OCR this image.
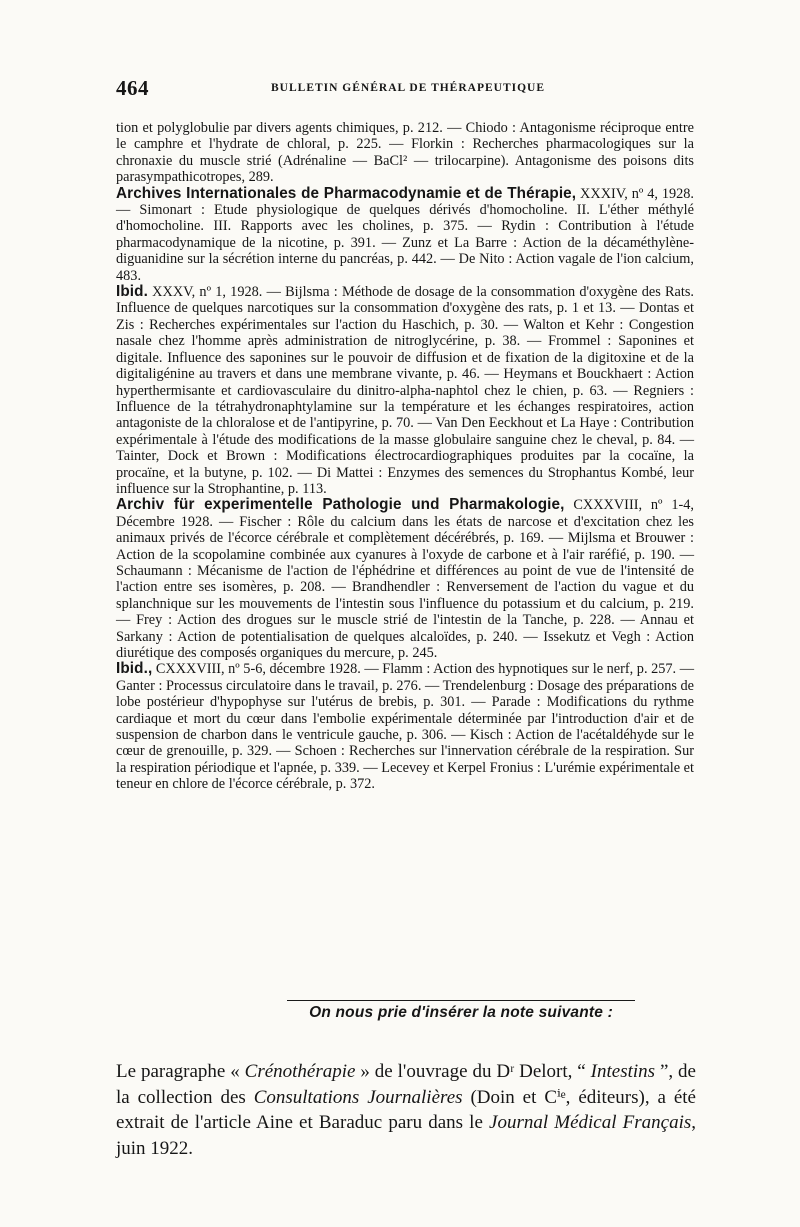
464	BULLETIN GÉNÉRAL DE THÉRAPEUTIQUE

tion et polyglobulie par divers agents chimiques, p. 212. — Chiodo : Antagonisme réciproque entre le camphre et l'hydrate de chloral, p. 225. — Florkin : Recherches pharmacologiques sur la chronaxie du muscle strié (Adrénaline — BaCl² — trilocarpine). Antagonisme des poisons dits parasympathicotropes, 289.

Archives Internationales de Pharmacodynamie et de Thérapie, XXXIV, nº 4, 1928. — Simonart : Etude physiologique de quelques dérivés d'homocholine. II. L'éther méthylé d'homocholine. III. Rapports avec les cholines, p. 375. — Rydin : Contribution à l'étude pharmacodynamique de la nicotine, p. 391. — Zunz et La Barre : Action de la décaméthylène-diguanidine sur la sécrétion interne du pancréas, p. 442. — De Nito : Action vagale de l'ion calcium, 483.

Ibid. XXXV, nº 1, 1928. — Bijlsma : Méthode de dosage de la consommation d'oxygène des Rats. Influence de quelques narcotiques sur la consommation d'oxygène des rats, p. 1 et 13. — Dontas et Zis : Recherches expérimentales sur l'action du Haschich, p. 30. — Walton et Kehr : Congestion nasale chez l'homme après administration de nitroglycérine, p. 38. — Frommel : Saponines et digitale. Influence des saponines sur le pouvoir de diffusion et de fixation de la digitoxine et de la digitaligénine au travers et dans une membrane vivante, p. 46. — Heymans et Bouckhaert : Action hyperthermisante et cardiovasculaire du dinitro-alpha-naphtol chez le chien, p. 63. — Regniers : Influence de la tétrahydronaphtylamine sur la température et les échanges respiratoires, action antagoniste de la chloralose et de l'antipyrine, p. 70. — Van Den Eeckhout et La Haye : Contribution expérimentale à l'étude des modifications de la masse globulaire sanguine chez le cheval, p. 84. — Tainter, Dock et Brown : Modifications électrocardiographiques produites par la cocaïne, la procaïne, et la butyne, p. 102. — Di Mattei : Enzymes des semences du Strophantus Kombé, leur influence sur la Strophantine, p. 113.

Archiv für experimentelle Pathologie und Pharmakologie, CXXXVIII, nº 1-4, Décembre 1928. — Fischer : Rôle du calcium dans les états de narcose et d'excitation chez les animaux privés de l'écorce cérébrale et complètement décérébrés, p. 169. — Mijlsma et Brouwer : Action de la scopolamine combinée aux cyanures à l'oxyde de carbone et à l'air raréfié, p. 190. — Schaumann : Mécanisme de l'action de l'éphédrine et différences au point de vue de l'intensité de l'action entre ses isomères, p. 208. — Brandhendler : Renversement de l'action du vague et du splanchnique sur les mouvements de l'intestin sous l'influence du potassium et du calcium, p. 219. — Frey : Action des drogues sur le muscle strié de l'intestin de la Tanche, p. 228. — Annau et Sarkany : Action de potentialisation de quelques alcaloïdes, p. 240. — Issekutz et Vegh : Action diurétique des composés organiques du mercure, p. 245.

Ibid., CXXXVIII, nº 5-6, décembre 1928. — Flamm : Action des hypnotiques sur le nerf, p. 257. — Ganter : Processus circulatoire dans le travail, p. 276. — Trendelenburg : Dosage des préparations de lobe postérieur d'hypophyse sur l'utérus de brebis, p. 301. — Parade : Modifications du rythme cardiaque et mort du cœur dans l'embolie expérimentale déterminée par l'introduction d'air et de suspension de charbon dans le ventricule gauche, p. 306. — Kisch : Action de l'acétaldéhyde sur le cœur de grenouille, p. 329. — Schoen : Recherches sur l'innervation cérébrale de la respiration. Sur la respiration périodique et l'apnée, p. 339. — Lecevey et Kerpel Fronius : L'urémie expérimentale et teneur en chlore de l'écorce cérébrale, p. 372.

On nous prie d'insérer la note suivante :

Le paragraphe « Crénothérapie » de l'ouvrage du Dʳ Delort, “ Intestins ”, de la collection des Consultations Journalières (Doin et Cⁱᵉ, éditeurs), a été extrait de l'article Aine et Baraduc paru dans le Journal Médical Français, juin 1922.
